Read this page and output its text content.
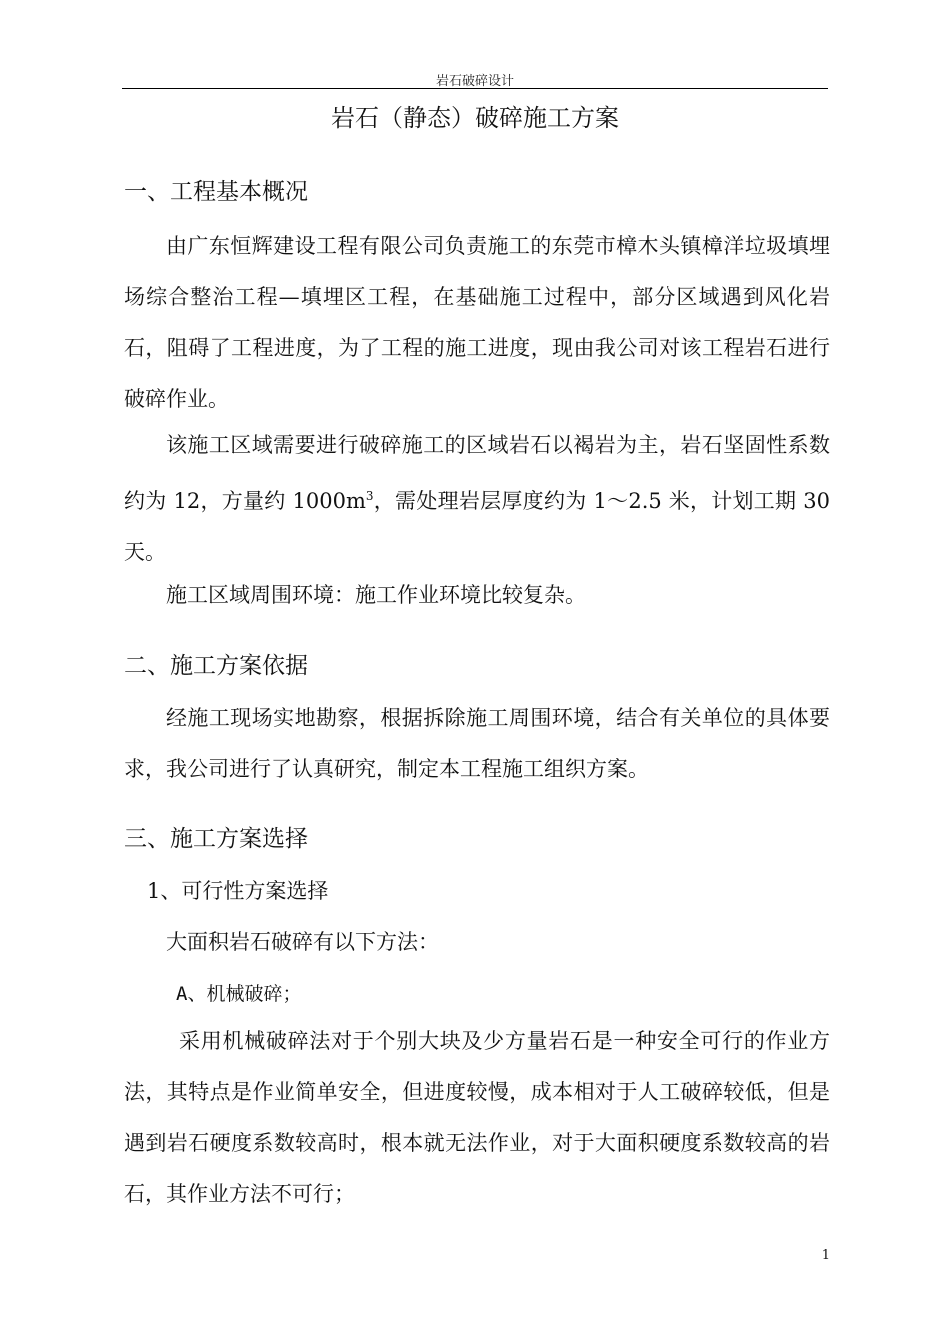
岩石破碎设计
岩石（静态）破碎施工方案
一、工程基本概况

由广东恒辉建设工程有限公司负责施工的东莞市樟木头镇樟洋垃圾填埋场综合整治工程—填埋区工程，在基础施工过程中，部分区域遇到风化岩石，阻碍了工程进度，为了工程的施工进度，现由我公司对该工程岩石进行破碎作业。

该施工区域需要进行破碎施工的区域岩石以褐岩为主，岩石坚固性系数约为 12，方量约 $1000m^3$，需处理岩层厚度约为 1～2.5 米，计划工期 30 天。

施工区域周围环境：施工作业环境比较复杂。

二、施工方案依据

经施工现场实地勘察，根据拆除施工周围环境，结合有关单位的具体要求，我公司进行了认真研究，制定本工程施工组织方案。

三、施工方案选择
1、可行性方案选择

大面积岩石破碎有以下方法：

A、机械破碎；

采用机械破碎法对于个别大块及少方量岩石是一种安全可行的作业方法，其特点是作业简单安全，但进度较慢，成本相对于人工破碎较低，但是遇到岩石硬度系数较高时，根本就无法作业，对于大面积硬度系数较高的岩石，其作业方法不可行；

1
